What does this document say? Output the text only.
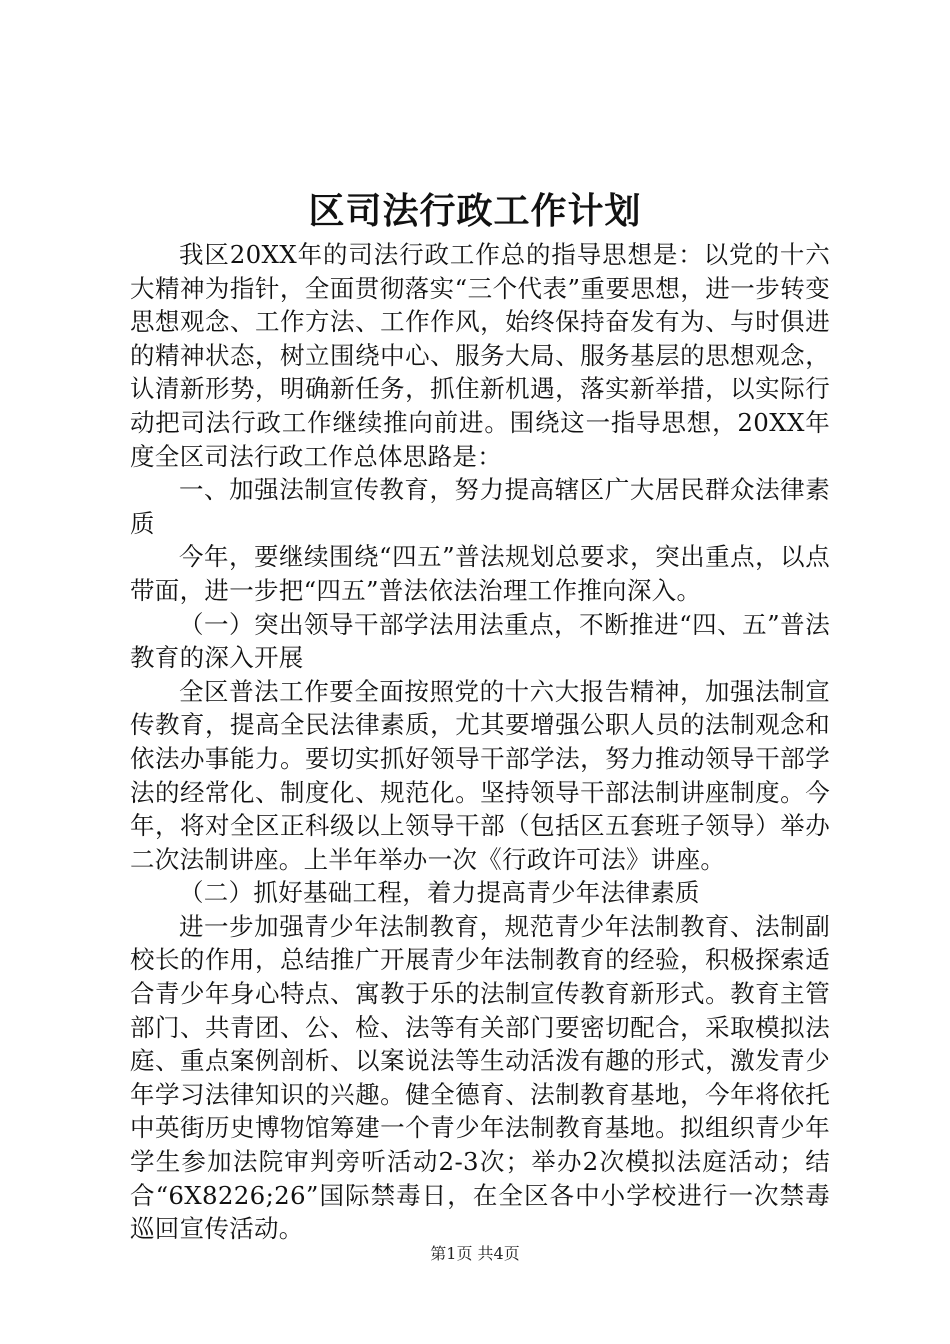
区司法行政工作计划

我区20XX年的司法行政工作总的指导思想是：以党的十六大精神为指针，全面贯彻落实“三个代表”重要思想，进一步转变思想观念、工作方法、工作作风，始终保持奋发有为、与时俱进的精神状态，树立围绕中心、服务大局、服务基层的思想观念，认清新形势，明确新任务，抓住新机遇，落实新举措，以实际行动把司法行政工作继续推向前进。围绕这一指导思想，20XX年度全区司法行政工作总体思路是：

一、加强法制宣传教育，努力提高辖区广大居民群众法律素质

今年，要继续围绕“四五”普法规划总要求，突出重点，以点带面，进一步把“四五”普法依法治理工作推向深入。

（一）突出领导干部学法用法重点，不断推进“四、五”普法教育的深入开展

全区普法工作要全面按照党的十六大报告精神，加强法制宣传教育，提高全民法律素质，尤其要增强公职人员的法制观念和依法办事能力。要切实抓好领导干部学法，努力推动领导干部学法的经常化、制度化、规范化。坚持领导干部法制讲座制度。今年，将对全区正科级以上领导干部（包括区五套班子领导）举办二次法制讲座。上半年举办一次《行政许可法》讲座。

（二）抓好基础工程，着力提高青少年法律素质

进一步加强青少年法制教育，规范青少年法制教育、法制副校长的作用，总结推广开展青少年法制教育的经验，积极探索适合青少年身心特点、寓教于乐的法制宣传教育新形式。教育主管部门、共青团、公、检、法等有关部门要密切配合，采取模拟法庭、重点案例剖析、以案说法等生动活泼有趣的形式，激发青少年学习法律知识的兴趣。健全德育、法制教育基地，今年将依托中英街历史博物馆筹建一个青少年法制教育基地。拟组织青少年学生参加法院审判旁听活动2-3次；举办2次模拟法庭活动；结合“6X8226;26”国际禁毒日，在全区各中小学校进行一次禁毒巡回宣传活动。

第1页 共4页
